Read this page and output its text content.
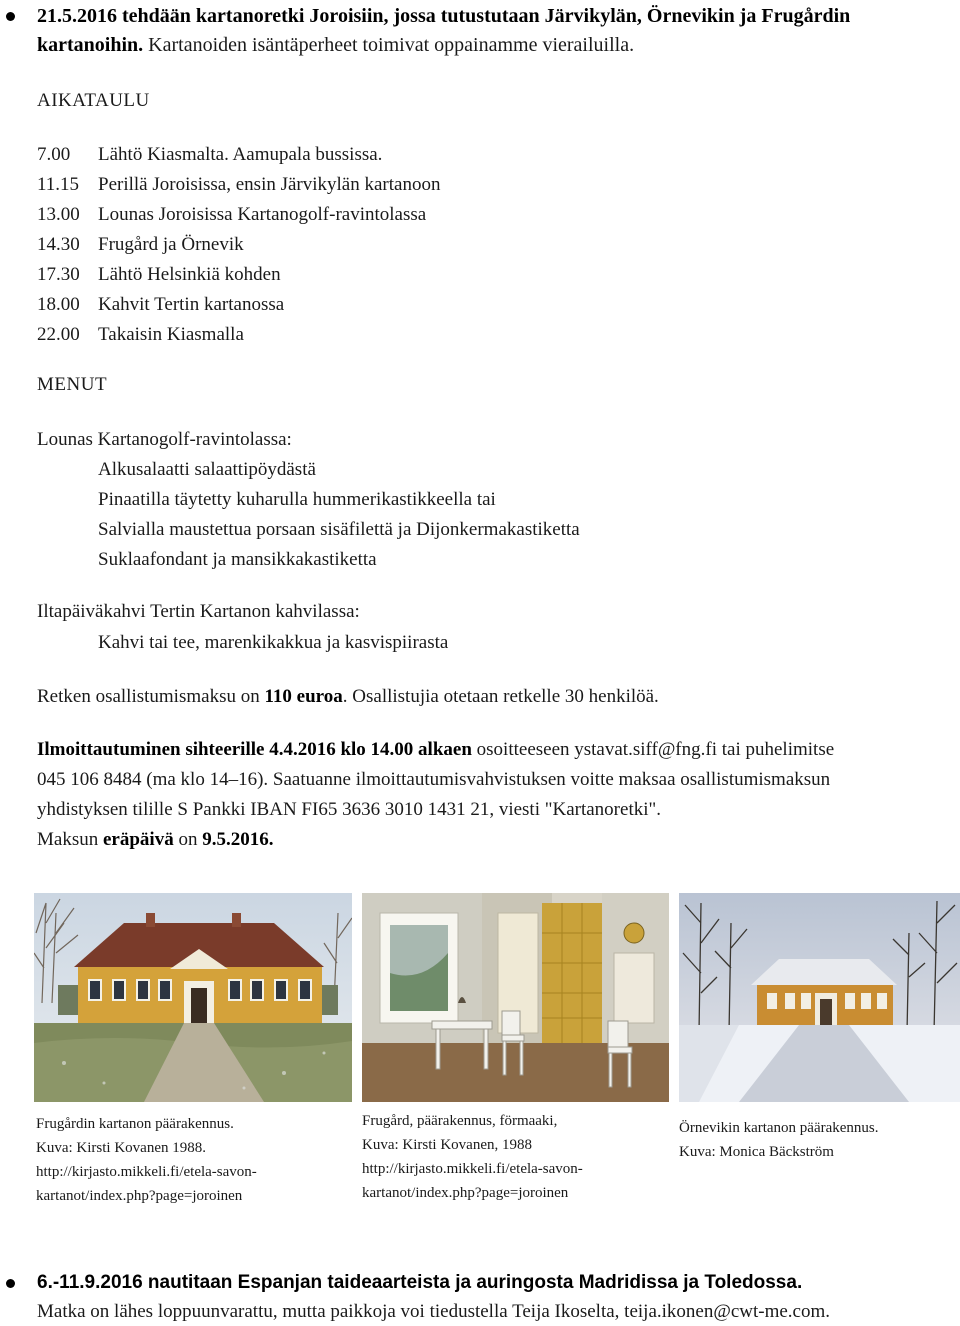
21.5.2016 tehdään kartanoretki Joroisiin, jossa tutustutaan Järvikylän, Örnevikin ja Frugårdin
kartanoihin. Kartanoiden isäntäperheet toimivat oppainamme vierailuilla.
AIKATAULU
7.00 Lähtö Kiasmalta. Aamupala bussissa.
11.15 Perillä Joroisissa, ensin Järvikylän kartanoon
13.00 Lounas Joroisissa Kartanogolf-ravintolassa
14.30 Frugård ja Örnevik
17.30 Lähtö Helsinkiä kohden
18.00 Kahvit Tertin kartanossa
22.00 Takaisin Kiasmalla
MENUT
Lounas Kartanogolf-ravintolassa:
Alkusalaatti salaattipöydästä
Pinaatilla täytetty kuharulla hummerikastikkeella tai
Salvialla maustettua porsaan sisäfilettä ja Dijonkermakastiketta
Suklaafondant ja mansikkakastiketta
Iltapäiväkahvi Tertin Kartanon kahvilassa:
Kahvi tai tee, marenkikakkua ja kasvispiirasta
Retken osallistumismaksu on 110 euroa. Osallistujia otetaan retkelle 30 henkilöä.
Ilmoittautuminen sihteerille 4.4.2016 klo 14.00 alkaen osoitteeseen ystavat.siff@fng.fi tai puhelimitse
045 106 8484 (ma klo 14–16). Saatuanne ilmoittautumisvahvistuksen voitte maksaa osallistumismaksun
yhdistyksen tilille S Pankki IBAN FI65 3636 3010 1431 21, viesti "Kartanoretki".
Maksun eräpäivä on 9.5.2016.
Frugårdin kartanon päärakennus.
Kuva: Kirsti Kovanen 1988.
http://kirjasto.mikkeli.fi/etela-savon-
kartanot/index.php?page=joroinen
Frugård, päärakennus, förmaaki,
Kuva: Kirsti Kovanen, 1988
http://kirjasto.mikkeli.fi/etela-savon-
kartanot/index.php?page=joroinen
Örnevikin kartanon päärakennus.
Kuva: Monica Bäckström
6.-11.9.2016 nautitaan Espanjan taideaarteista ja auringosta Madridissa ja Toledossa.
Matka on lähes loppuunvarattu, mutta paikkoja voi tiedustella Teija Ikoselta, teija.ikonen@cwt-me.com.
